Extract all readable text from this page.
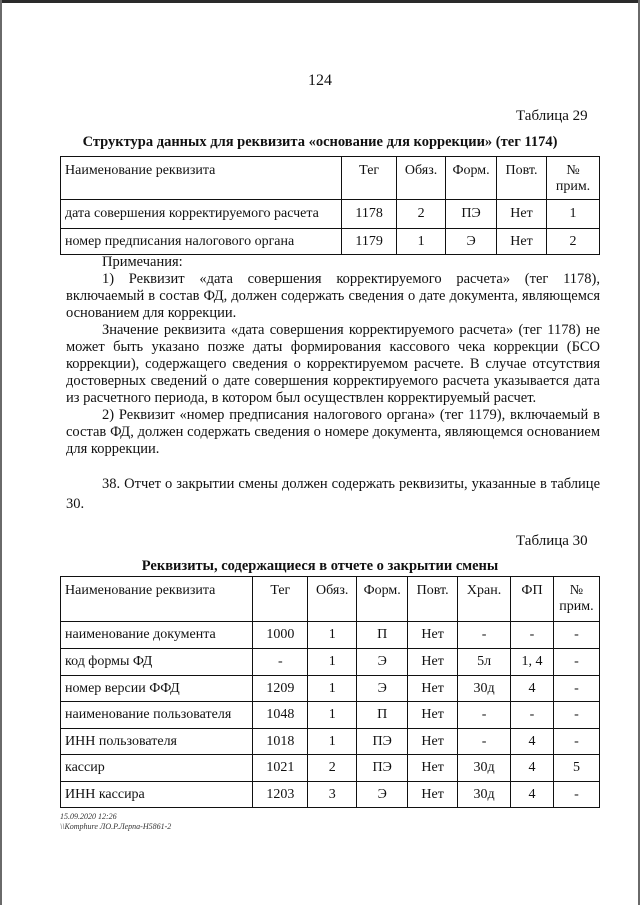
124
Таблица 29
Структура данных для реквизита «основание для коррекции» (тег 1174)
Наименование реквизита	Тег	Обяз.	Форм.	Повт.	№
прим.

дата совершения корректируемого расчета	1178	2	ПЭ	Нет	1
номер предписания налогового органа	1179	1	Э	Нет	2

Примечания:

1) Реквизит «дата совершения корректируемого расчета» (тег 1178), включаемый в состав ФД, должен содержать сведения о дате документа, являющемся основанием для коррекции.

Значение реквизита «дата совершения корректируемого расчета» (тег 1178) не может быть указано позже даты формирования кассового чека коррекции (БСО коррекции), содержащего сведения о корректируемом расчете. В случае отсутствия достоверных сведений о дате совершения корректируемого расчета указывается дата из расчетного периода, в котором был осуществлен корректируемый расчет.

2) Реквизит «номер предписания налогового органа» (тег 1179), включаемый в состав ФД, должен содержать сведения о номере документа, являющемся основанием для коррекции.

38. Отчет о закрытии смены должен содержать реквизиты, указанные в таблице 30.

Таблица 30
Реквизиты, содержащиеся в отчете о закрытии смены
Наименование реквизита	Тег	Обяз.	Форм.	Повт.	Хран.	ФП	№
прим.

наименование документа	1000	1	П	Нет	-	-	-
код формы ФД	-	1	Э	Нет	5л	1, 4	-
номер версии ФФД	1209	1	Э	Нет	30д	4	-
наименование пользователя	1048	1	П	Нет	-	-	-
ИНН пользователя	1018	1	ПЭ	Нет	-	4	-
кассир	1021	2	ПЭ	Нет	30д	4	5
ИНН кассира	1203	3	Э	Нет	30д	4	-
15.09.2020 12:26
\\Komphure ЛО.Р.Лерпа-Н5861-2
